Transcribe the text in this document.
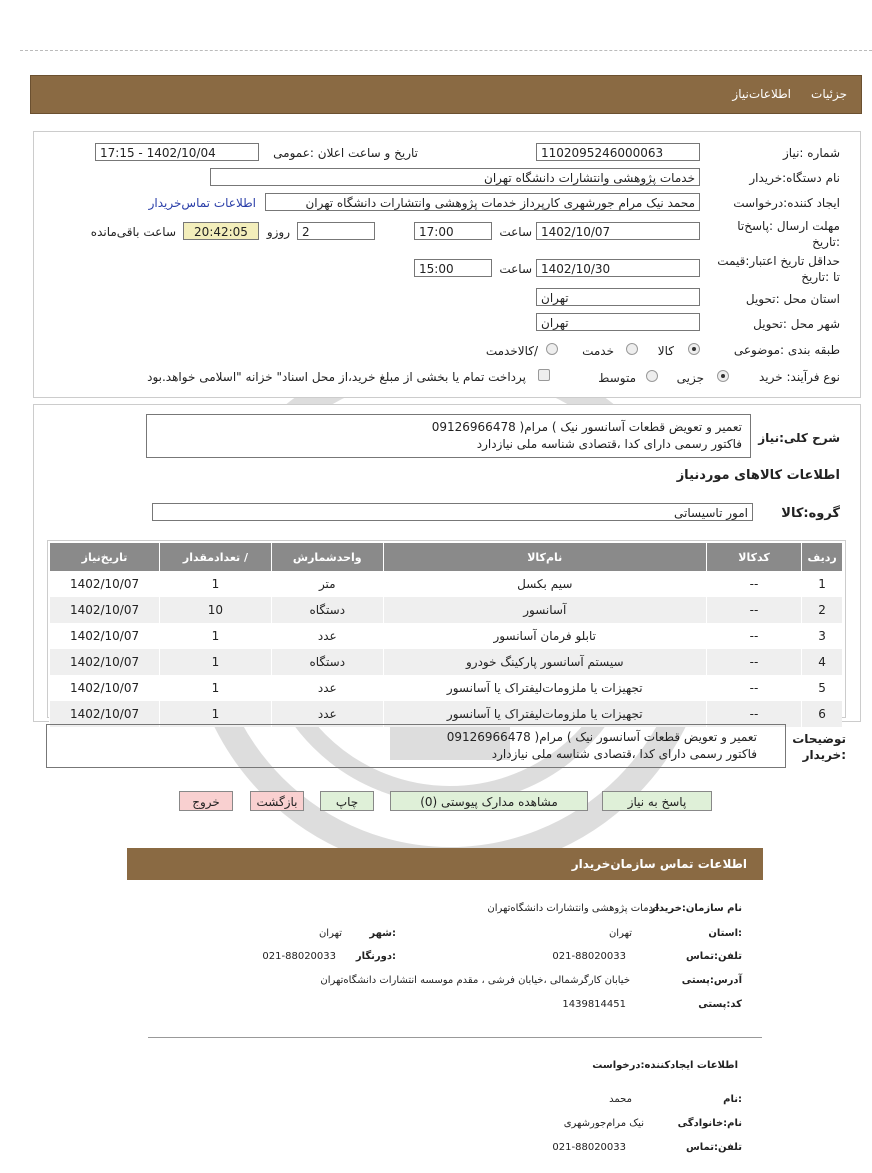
جزئیات
اطلاعات‌نیاز
شماره :نیاز
1102095246000063
تاریخ و ساعت اعلان :عمومی
1402/10/04 - 17:15
نام دستگاه:خریدار
خدمات پژوهشی وانتشارات دانشگاه تهران
ایجاد کننده:درخواست
محمد نیک مرام جورشهری کارپرداز خدمات پژوهشی وانتشارات دانشگاه تهران
اطلاعات تماس‌خریدار
مهلت ارسال :پاسخ‌تا :تاریخ
1402/10/07
ساعت
17:00
2
روزو
20:42:05
ساعت باقی‌مانده
حداقل تاریخ اعتبار:قیمت تا :تاریخ
1402/10/30
ساعت
15:00
استان محل :تحویل
تهران
شهر محل :تحویل
تهران
طبقه بندی :موضوعی
کالا
خدمت
/کالاخدمت
نوع فرآیند: خرید
جزیی
متوسط
پرداخت تمام یا بخشی از مبلغ خرید،از محل اسناد" خزانه "اسلامی خواهد.بود
شرح کلی:نیاز
تعمیر و تعویض قطعات آسانسور نیک ) مرام( 09126966478
فاکتور رسمی دارای کدا ،قتصادی شناسه ملی نیازدارد
اطلاعات کالاهای موردنیاز
گروه:کالا
امور تاسیساتی
ردیف	کدکالا	نام‌کالا	واحدشمارش	/ تعدادمقدار	تاریخ‌نیاز
1	--	سیم بکسل	متر	1	1402/10/07
2	--	آسانسور	دستگاه	10	1402/10/07
3	--	تابلو فرمان آسانسور	عدد	1	1402/10/07
4	--	سیستم آسانسور پارکینگ خودرو	دستگاه	1	1402/10/07
5	--	تجهیزات یا ملزومات‌لیفتراک یا آسانسور	عدد	1	1402/10/07
6	--	تجهیزات یا ملزومات‌لیفتراک یا آسانسور	عدد	1	1402/10/07
توضیحات :خریدار
تعمیر و تعویض قطعات آسانسور نیک ) مرام( 09126966478
فاکتور رسمی دارای کدا ،قتصادی شناسه ملی نیازدارد
پاسخ به نیاز
مشاهده مدارک پیوستی (0)
چاپ
بازگشت
خروج
اطلاعات تماس سازمان‌خریدار
نام سازمان:خریدار
خدمات پژوهشی وانتشارات دانشگاه‌تهران
:استان
تهران
:شهر
تهران
تلفن:تماس
021-88020033
:دورنگار
021-88020033
آدرس:پستی
خیابان کارگرشمالی ،خیابان فرشی ، مقدم موسسه انتشارات دانشگاه‌تهران
کد:پستی
1439814451
اطلاعات ایجادکننده:درخواست
:نام
محمد
نام:خانوادگی
نیک مرام‌جورشهری
تلفن:تماس
021-88020033
